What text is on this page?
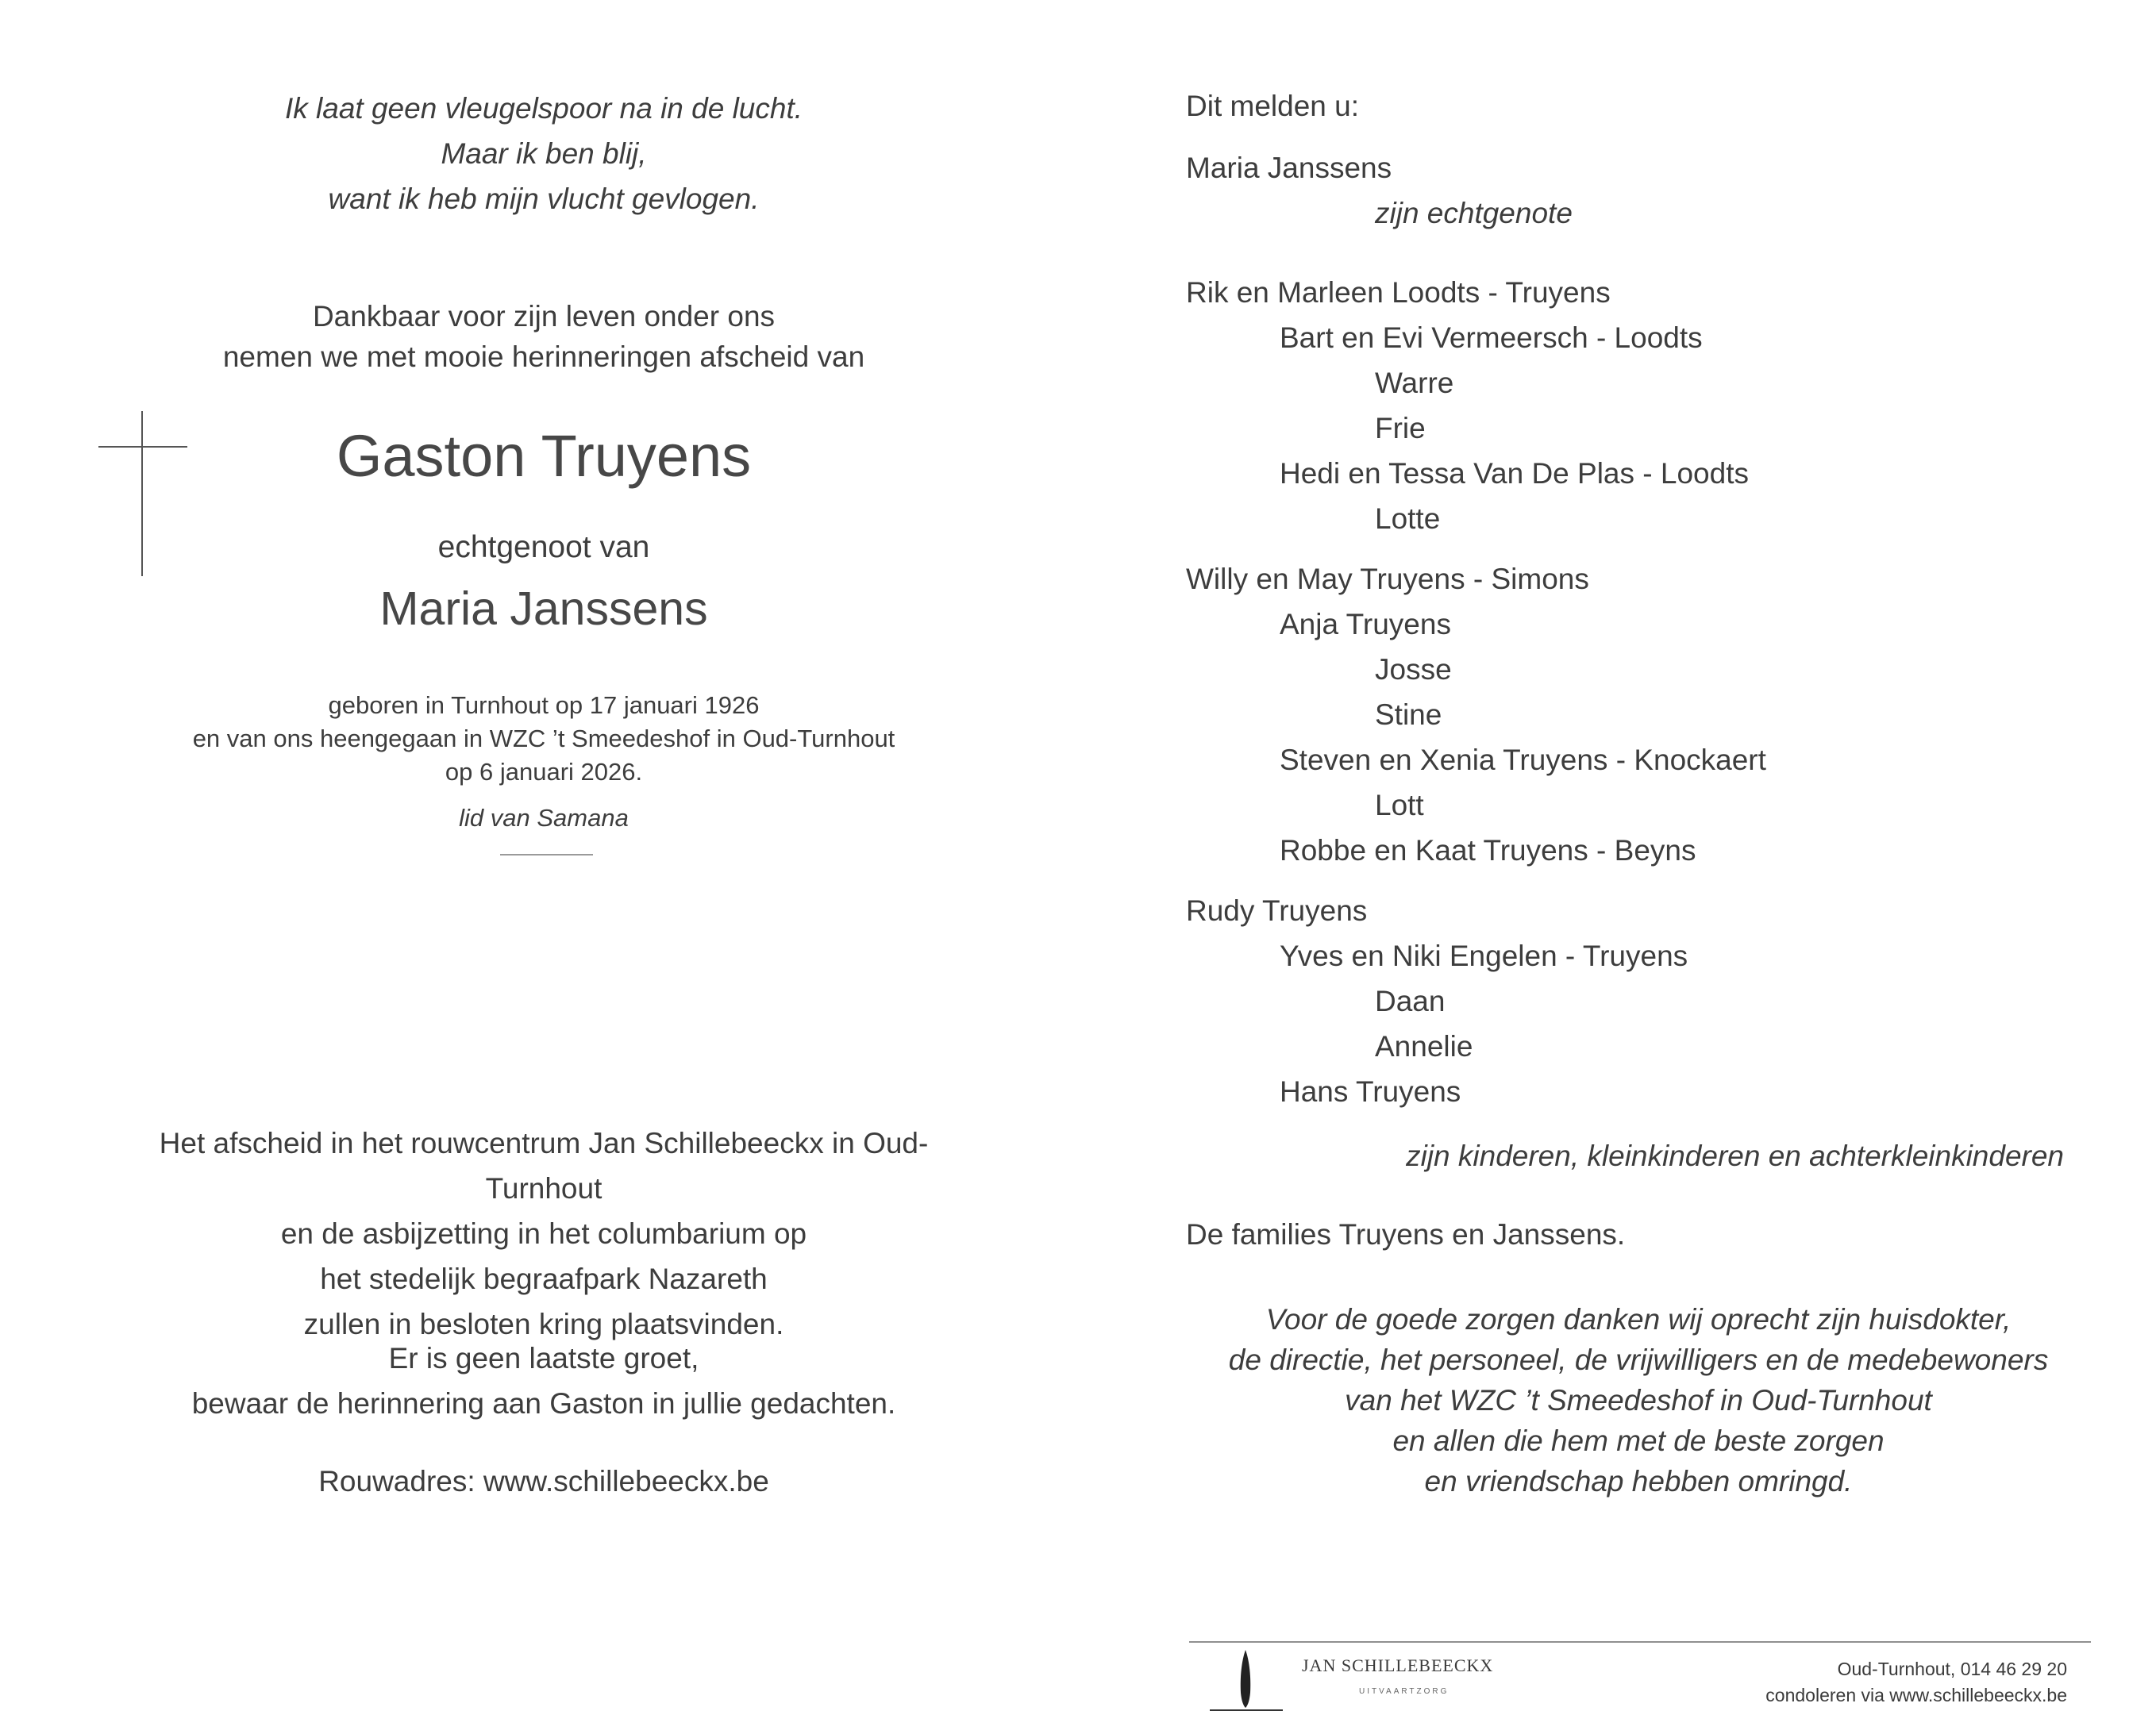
Ik laat geen vleugelspoor na in de lucht.
Maar ik ben blij,
want ik heb mijn vlucht gevlogen.
Dankbaar voor zijn leven onder ons
nemen we met mooie herinneringen afscheid van
Gaston Truyens
echtgenoot van
Maria Janssens
geboren in Turnhout op 17 januari 1926
en van ons heengegaan in WZC ’t Smeedeshof in Oud-Turnhout
op 6 januari 2026.
lid van Samana
Het afscheid in het rouwcentrum Jan Schillebeeckx in Oud-Turnhout
en de asbijzetting in het columbarium op
het stedelijk begraafpark Nazareth
zullen in besloten kring plaatsvinden.
Er is geen laatste groet,
bewaar de herinnering aan Gaston in jullie gedachten.
Rouwadres: www.schillebeeckx.be
Dit melden u:
Maria Janssens
zijn echtgenote
Rik en Marleen Loodts - Truyens
Bart en Evi Vermeersch - Loodts
Warre
Frie
Hedi en Tessa Van De Plas - Loodts
Lotte
Willy en May Truyens - Simons
Anja Truyens
Josse
Stine
Steven en Xenia Truyens - Knockaert
Lott
Robbe en Kaat Truyens - Beyns
Rudy Truyens
Yves en Niki Engelen - Truyens
Daan
Annelie
Hans Truyens
zijn kinderen, kleinkinderen en achterkleinkinderen
De families Truyens en Janssens.
Voor de goede zorgen danken wij oprecht zijn huisdokter,
de directie, het personeel, de vrijwilligers en de medebewoners
van het WZC ’t Smeedeshof in Oud-Turnhout
en allen die hem met de beste zorgen
en vriendschap hebben omringd.
JAN SCHILLEBEECKX
UITVAARTZORG
Oud-Turnhout, 014 46 29 20
condoleren via www.schillebeeckx.be
